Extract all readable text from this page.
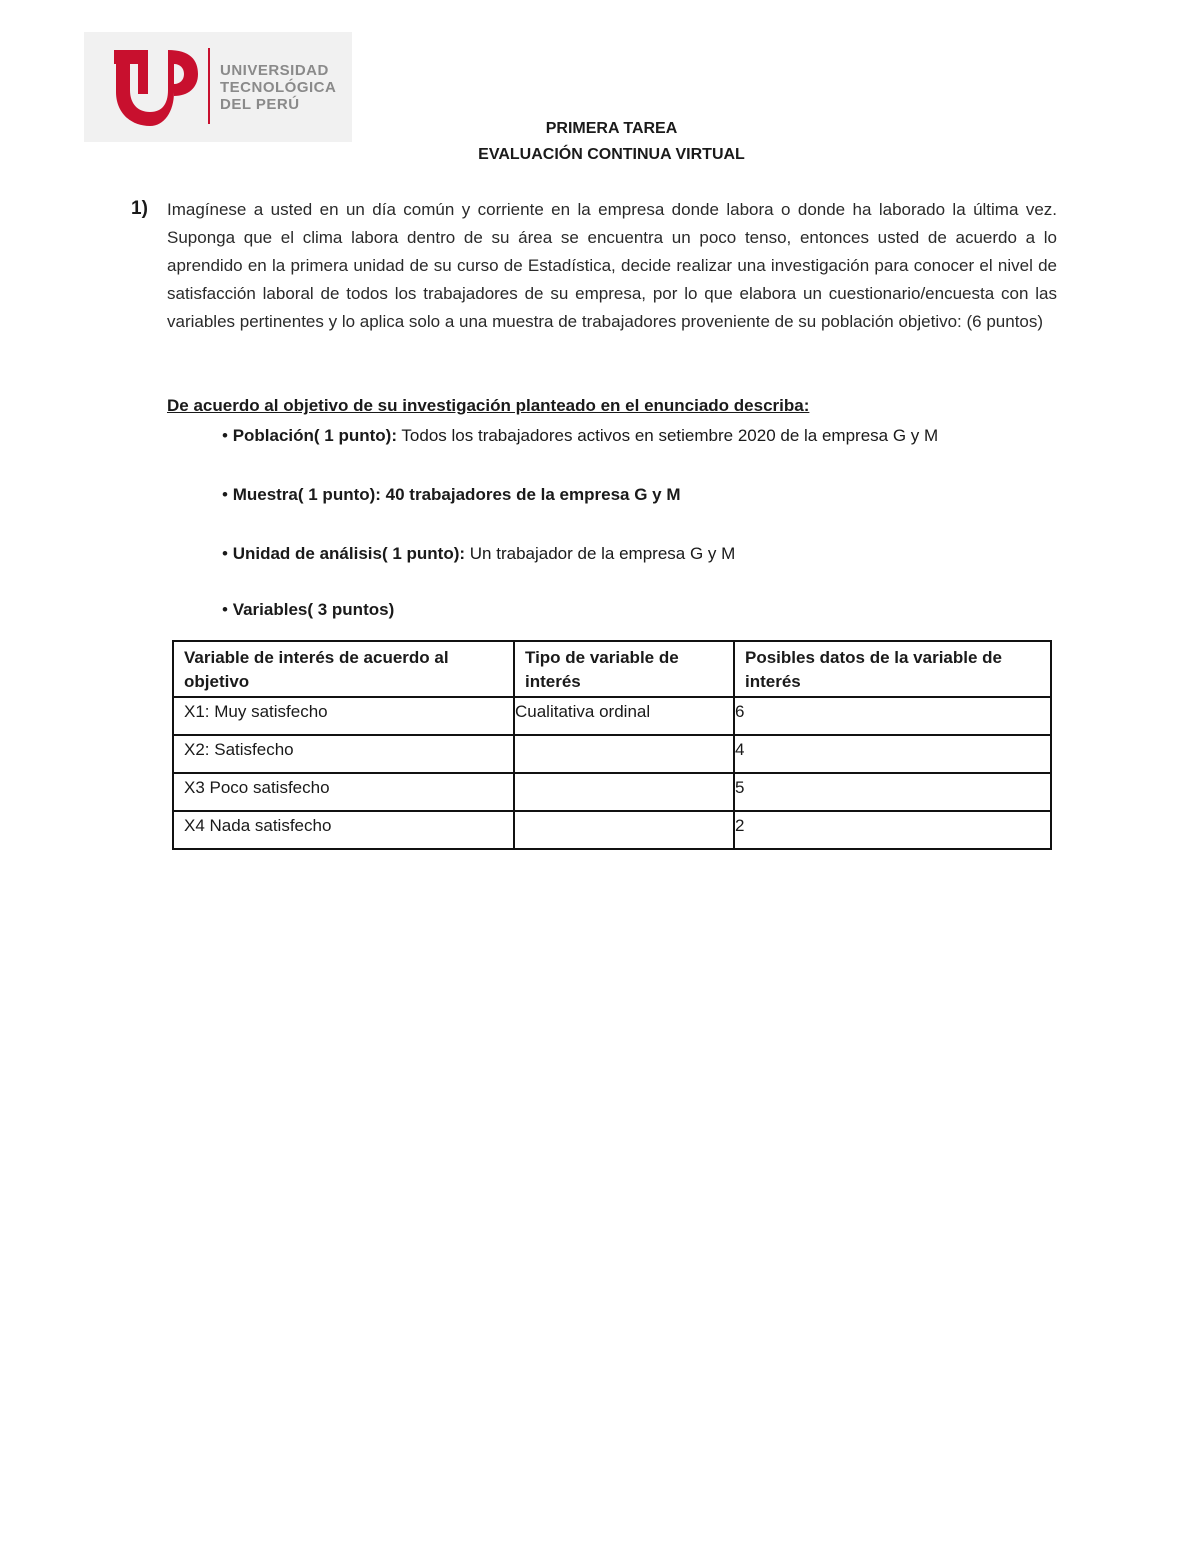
UNIVERSIDAD
TECNOLÓGICA
DEL PERÚ
PRIMERA TAREA
EVALUACIÓN CONTINUA VIRTUAL
1) Imagínese a usted en un día común y corriente en la empresa donde labora o donde ha laborado la última vez. Suponga que el clima labora dentro de su área se encuentra un poco tenso, entonces usted de acuerdo a lo aprendido en la primera unidad de su curso de Estadística, decide realizar una investigación para conocer el nivel de satisfacción laboral de todos los trabajadores de su empresa, por lo que elabora un cuestionario/encuesta con las variables pertinentes y lo aplica solo a una muestra de trabajadores proveniente de su población objetivo: (6 puntos)
De acuerdo al objetivo de su investigación planteado en el enunciado describa:
• Población( 1 punto): Todos los trabajadores activos en setiembre 2020 de la empresa G y M
• Muestra( 1 punto): 40 trabajadores de la empresa G y M
• Unidad de análisis( 1 punto): Un trabajador de la empresa G y M
• Variables( 3 puntos)
Variable de interés de acuerdo al objetivo	Tipo de variable de interés	Posibles datos de la variable de interés
X1: Muy satisfecho	Cualitativa ordinal	6
X2: Satisfecho		4
X3 Poco satisfecho		5
X4 Nada satisfecho		2
